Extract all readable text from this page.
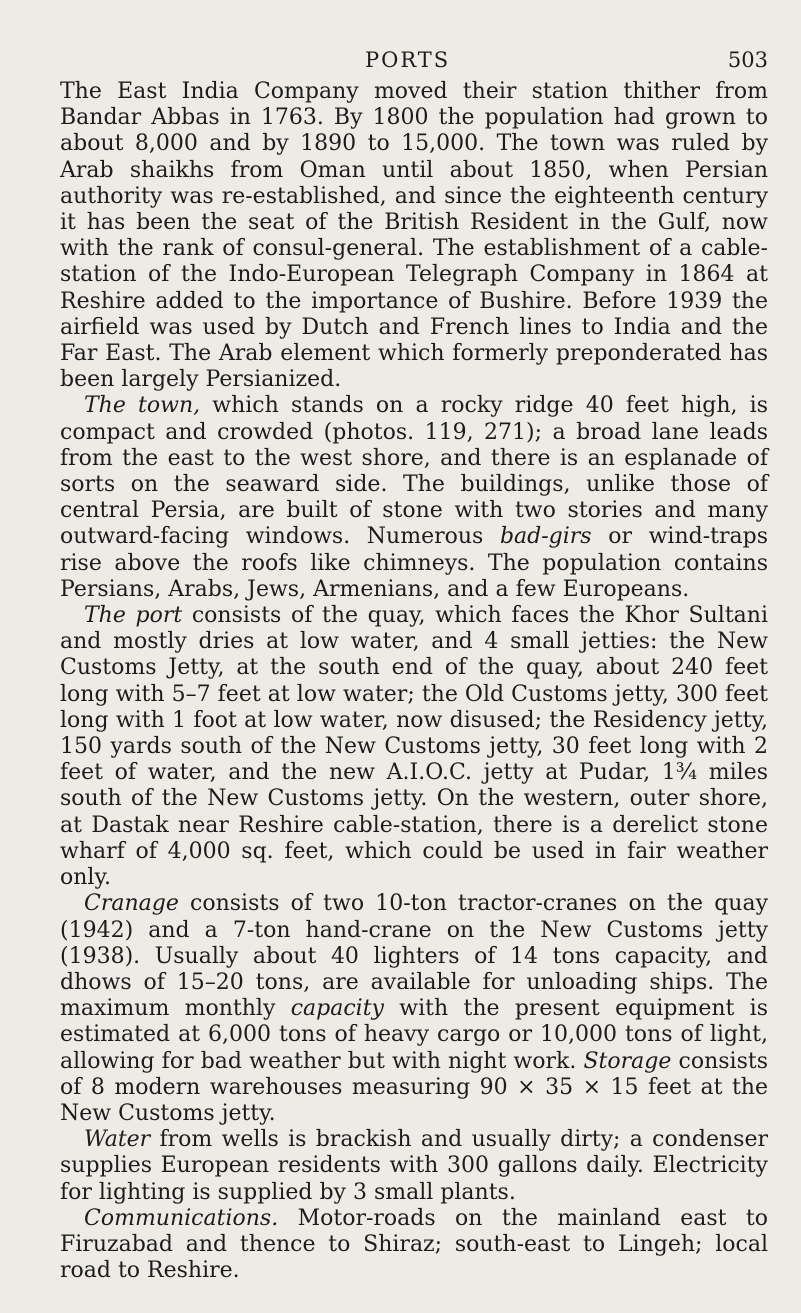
PORTS	503

The East India Company moved their station thither from Bandar Abbas in 1763. By 1800 the population had grown to about 8,000 and by 1890 to 15,000. The town was ruled by Arab shaikhs from Oman until about 1850, when Persian authority was re-established, and since the eighteenth century it has been the seat of the British Resident in the Gulf, now with the rank of consul-general. The establishment of a cable-station of the Indo-European Telegraph Company in 1864 at Reshire added to the importance of Bushire. Before 1939 the airfield was used by Dutch and French lines to India and the Far East. The Arab element which formerly preponderated has been largely Persianized.

The town, which stands on a rocky ridge 40 feet high, is compact and crowded (photos. 119, 271); a broad lane leads from the east to the west shore, and there is an esplanade of sorts on the seaward side. The buildings, unlike those of central Persia, are built of stone with two stories and many outward-facing windows. Numerous bad-girs or wind-traps rise above the roofs like chimneys. The population contains Persians, Arabs, Jews, Armenians, and a few Europeans.

The port consists of the quay, which faces the Khor Sultani and mostly dries at low water, and 4 small jetties: the New Customs Jetty, at the south end of the quay, about 240 feet long with 5–7 feet at low water; the Old Customs jetty, 300 feet long with 1 foot at low water, now disused; the Residency jetty, 150 yards south of the New Customs jetty, 30 feet long with 2 feet of water, and the new A.I.O.C. jetty at Pudar, 1¾ miles south of the New Customs jetty. On the western, outer shore, at Dastak near Reshire cable-station, there is a derelict stone wharf of 4,000 sq. feet, which could be used in fair weather only.

Cranage consists of two 10-ton tractor-cranes on the quay (1942) and a 7-ton hand-crane on the New Customs jetty (1938). Usually about 40 lighters of 14 tons capacity, and dhows of 15–20 tons, are available for unloading ships. The maximum monthly capacity with the present equipment is estimated at 6,000 tons of heavy cargo or 10,000 tons of light, allowing for bad weather but with night work. Storage consists of 8 modern warehouses measuring 90 × 35 × 15 feet at the New Customs jetty.

Water from wells is brackish and usually dirty; a condenser supplies European residents with 300 gallons daily. Electricity for lighting is supplied by 3 small plants.

Communications. Motor-roads on the mainland east to Firuzabad and thence to Shiraz; south-east to Lingeh; local road to Reshire.
